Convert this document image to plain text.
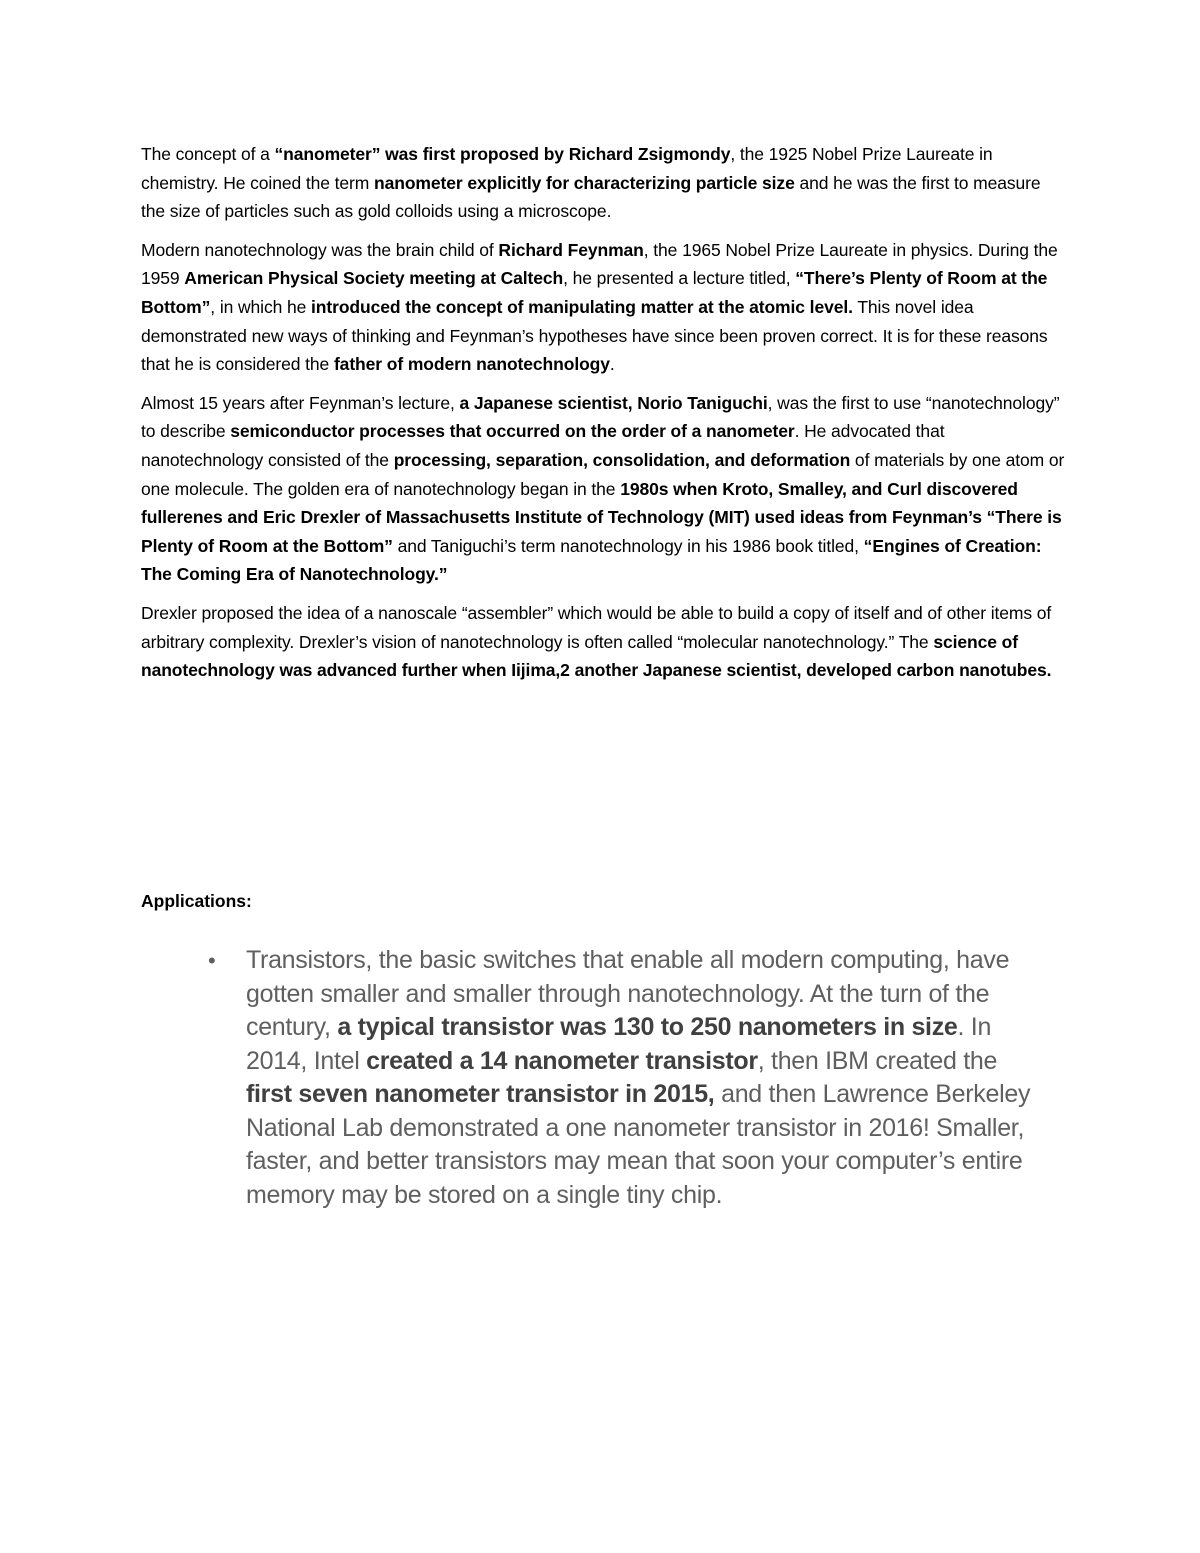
The concept of a “nanometer” was first proposed by Richard Zsigmondy, the 1925 Nobel Prize Laureate in chemistry. He coined the term nanometer explicitly for characterizing particle size and he was the first to measure the size of particles such as gold colloids using a microscope.

Modern nanotechnology was the brain child of Richard Feynman, the 1965 Nobel Prize Laureate in physics. During the 1959 American Physical Society meeting at Caltech, he presented a lecture titled, “There’s Plenty of Room at the Bottom”, in which he introduced the concept of manipulating matter at the atomic level. This novel idea demonstrated new ways of thinking and Feynman’s hypotheses have since been proven correct. It is for these reasons that he is considered the father of modern nanotechnology.

Almost 15 years after Feynman’s lecture, a Japanese scientist, Norio Taniguchi, was the first to use “nanotechnology” to describe semiconductor processes that occurred on the order of a nanometer. He advocated that nanotechnology consisted of the processing, separation, consolidation, and deformation of materials by one atom or one molecule. The golden era of nanotechnology began in the 1980s when Kroto, Smalley, and Curl discovered fullerenes and Eric Drexler of Massachusetts Institute of Technology (MIT) used ideas from Feynman’s “There is Plenty of Room at the Bottom” and Taniguchi’s term nanotechnology in his 1986 book titled, “Engines of Creation: The Coming Era of Nanotechnology.”

Drexler proposed the idea of a nanoscale “assembler” which would be able to build a copy of itself and of other items of arbitrary complexity. Drexler’s vision of nanotechnology is often called “molecular nanotechnology.” The science of nanotechnology was advanced further when Iijima,2 another Japanese scientist, developed carbon nanotubes.

Applications:
• Transistors, the basic switches that enable all modern computing, have gotten smaller and smaller through nanotechnology. At the turn of the century, a typical transistor was 130 to 250 nanometers in size. In 2014, Intel created a 14 nanometer transistor, then IBM created the first seven nanometer transistor in 2015, and then Lawrence Berkeley National Lab demonstrated a one nanometer transistor in 2016! Smaller, faster, and better transistors may mean that soon your computer’s entire memory may be stored on a single tiny chip.
